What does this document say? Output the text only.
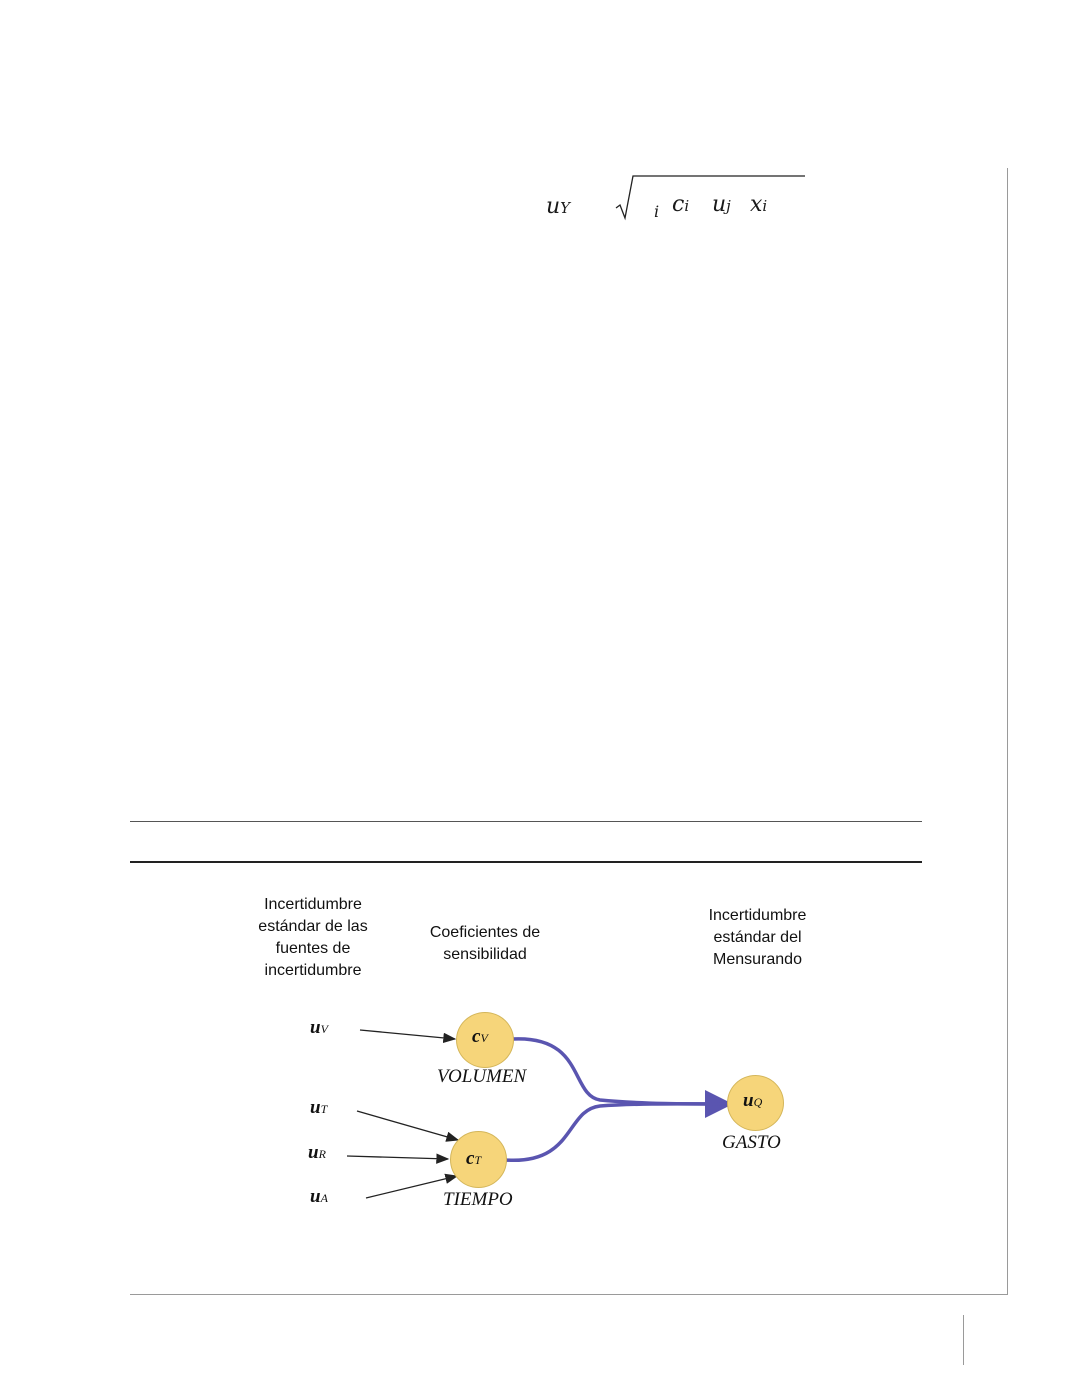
uY	i ci uj xi
Incertidumbre
estándar de las
fuentes de
incertidumbre
Coeficientes de
sensibilidad
Incertidumbre
estándar del
Mensurando
uV
uT
uR
uA
cV
VOLUMEN
cT
TIEMPO
uQ
GASTO
